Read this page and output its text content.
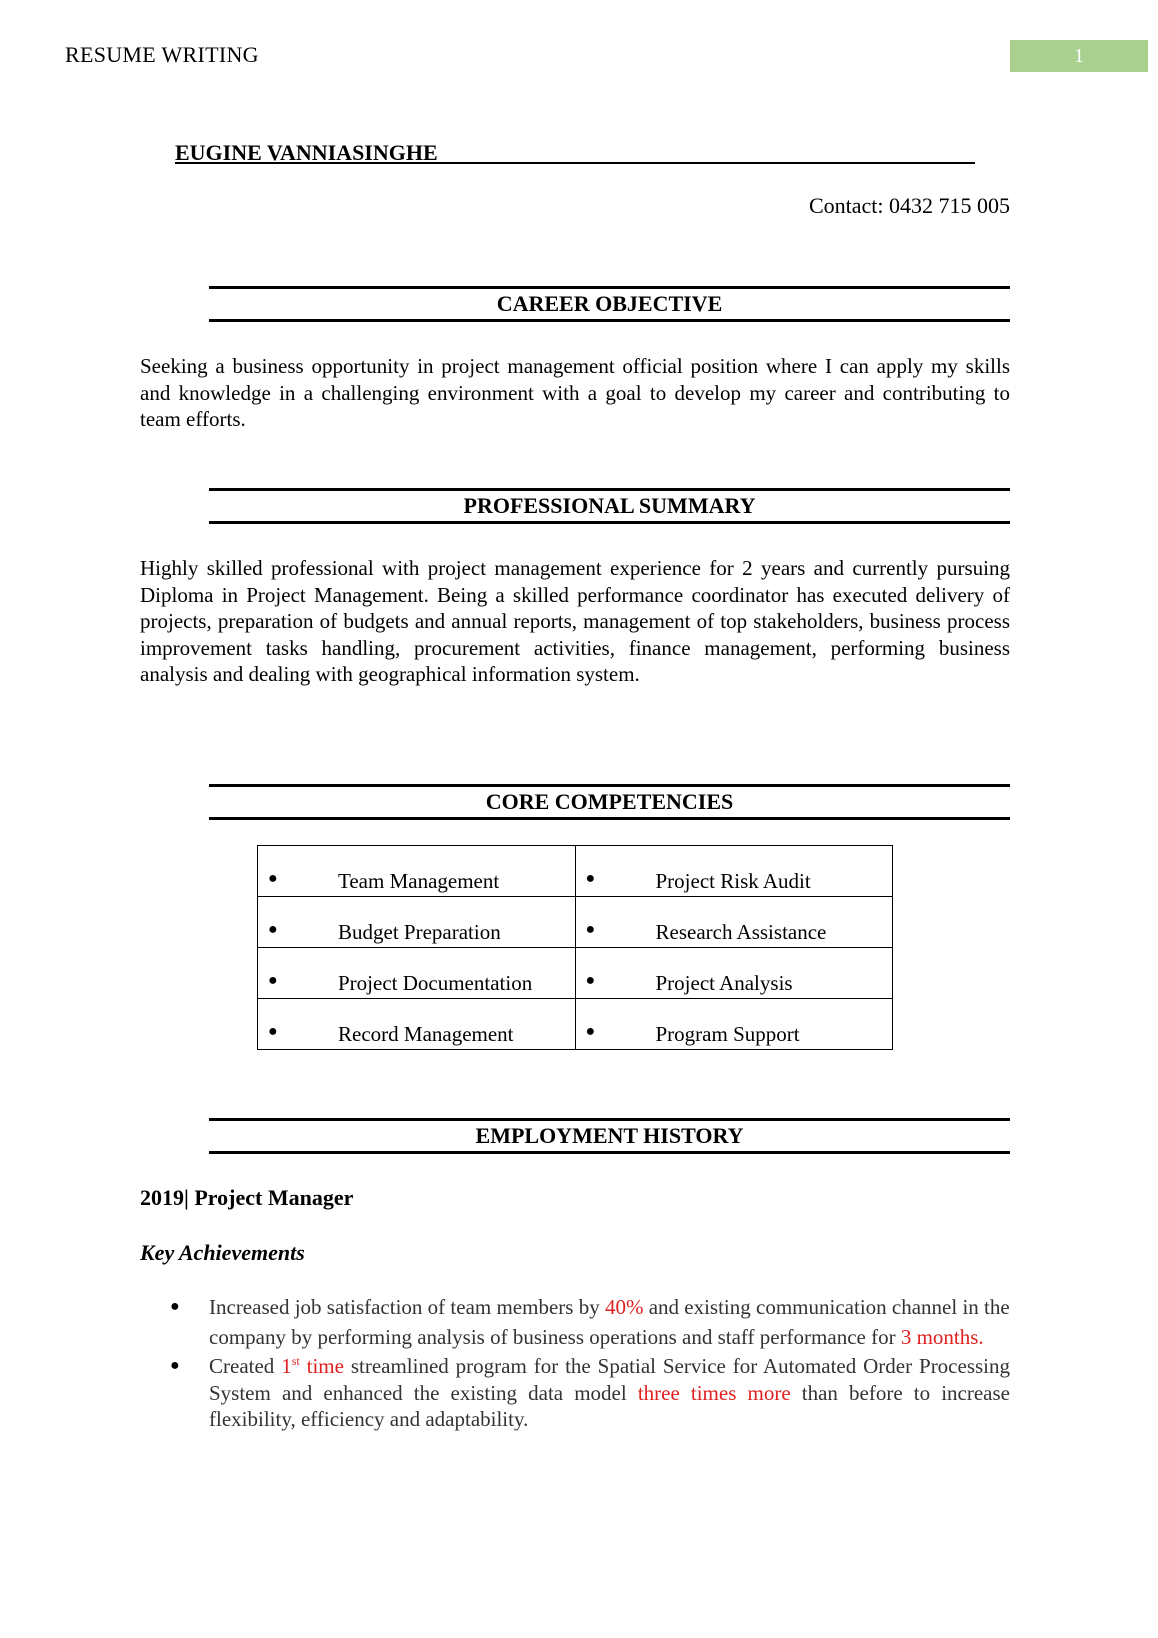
RESUME WRITING	1
EUGINE VANNIASINGHE
Contact: 0432 715 005
CAREER OBJECTIVE
Seeking a business opportunity in project management official position where I can apply my skills and knowledge in a challenging environment with a goal to develop my career and contributing to team efforts.
PROFESSIONAL SUMMARY
Highly skilled professional with project management experience for 2 years and currently pursuing Diploma in Project Management. Being a skilled performance coordinator has executed delivery of projects, preparation of budgets and annual reports, management of top stakeholders, business process improvement tasks handling, procurement activities, finance management, performing business analysis and dealing with geographical information system.
CORE COMPETENCIES
● Team Management	● Project Risk Audit

● Budget Preparation	● Research Assistance

● Project Documentation	● Project Analysis

● Record Management	● Program Support
EMPLOYMENT HISTORY
2019| Project Manager
Key Achievements
● Increased job satisfaction of team members by 40% and existing communication channel in the company by performing analysis of business operations and staff performance for 3 months.
● Created 1st time streamlined program for the Spatial Service for Automated Order Processing System and enhanced the existing data model three times more than before to increase flexibility, efficiency and adaptability.
